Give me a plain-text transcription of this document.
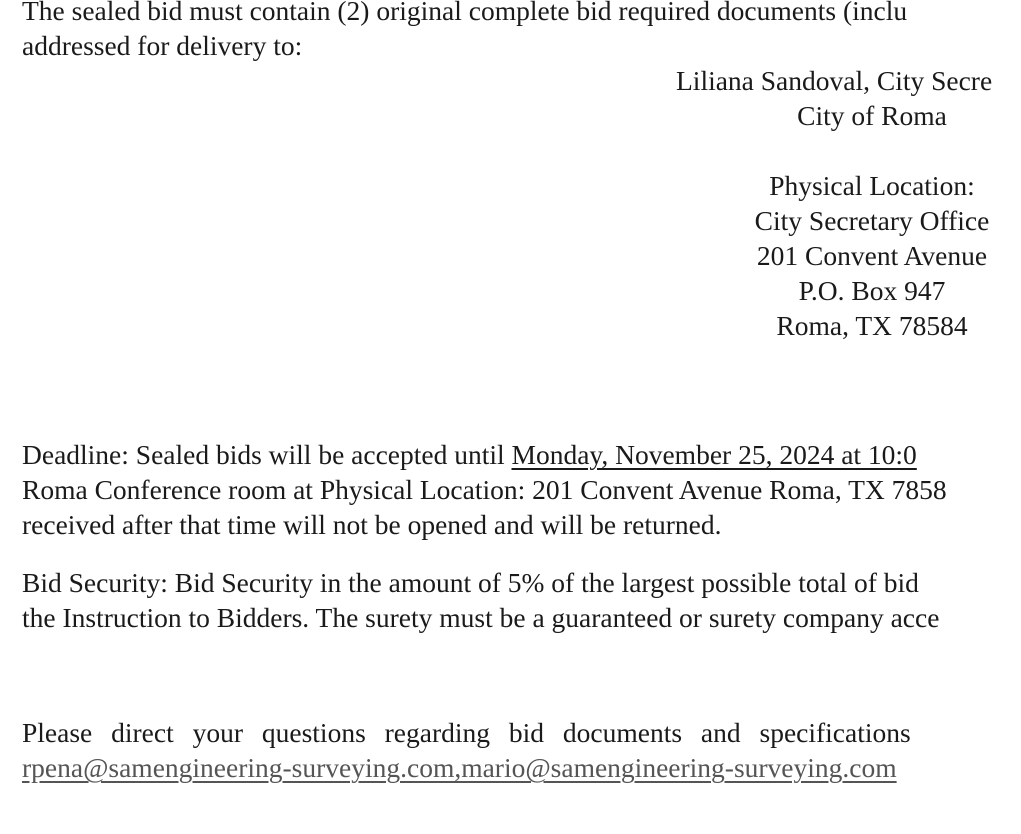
The sealed bid must contain (2) original complete bid required documents (inclu
addressed for delivery to:
Liliana Sandoval, City Secre
City of Roma
Physical Location:
City Secretary Office
201 Convent Avenue
P.O. Box 947
Roma, TX 78584
Deadline: Sealed bids will be accepted until Monday, November 25, 2024 at 10:0
Roma Conference room at Physical Location: 201 Convent Avenue Roma, TX 7858
received after that time will not be opened and will be returned.
Bid Security: Bid Security in the amount of 5% of the largest possible total of bid
the Instruction to Bidders. The surety must be a guaranteed or surety company acce
Please direct your questions regarding bid documents and specifications
rpena@samengineering-surveying.com,mario@samengineering-surveying.com
